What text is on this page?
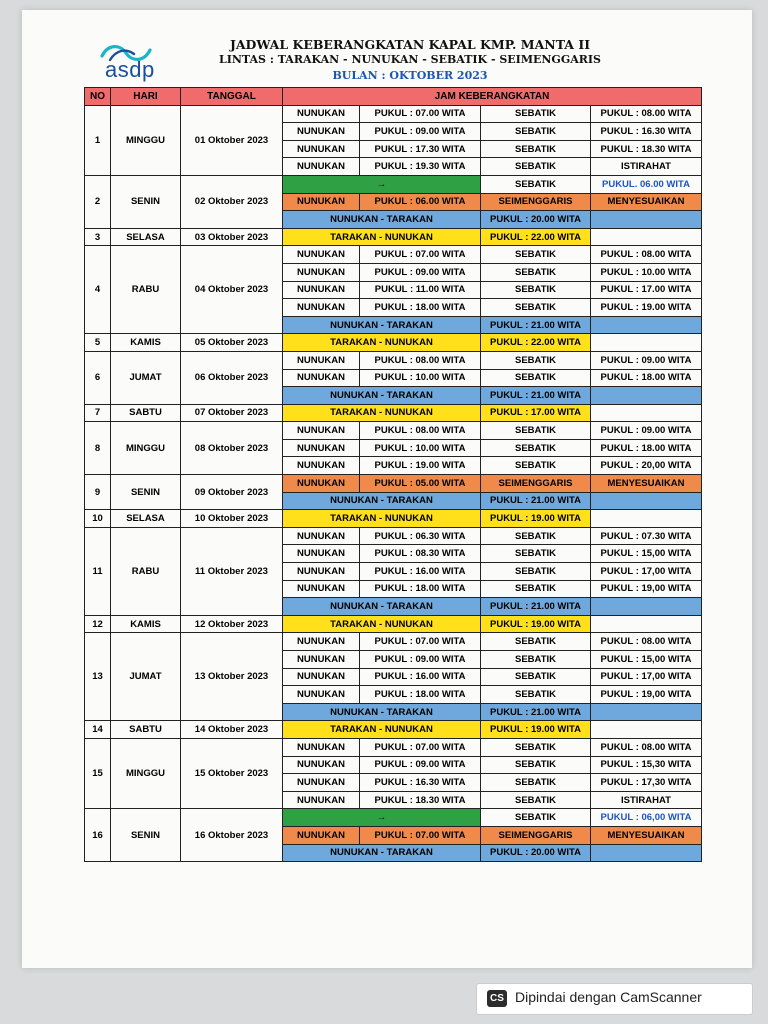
asdp
JADWAL KEBERANGKATAN KAPAL KMP. MANTA II
LINTAS : TARAKAN - NUNUKAN - SEBATIK - SEIMENGGARIS
BULAN : OKTOBER 2023
NO	HARI	TANGGAL	JAM KEBERANGKATAN			
1	MINGGU	01 Oktober 2023	NUNUKAN	PUKUL : 07.00 WITA	SEBATIK	PUKUL : 08.00 WITA
			NUNUKAN	PUKUL : 09.00 WITA	SEBATIK	PUKUL : 16.30 WITA
			NUNUKAN	PUKUL : 17.30 WITA	SEBATIK	PUKUL : 18.30 WITA
			NUNUKAN	PUKUL : 19.30 WITA	SEBATIK	ISTIRAHAT
2	SENIN	02 Oktober 2023	→		SEBATIK	PUKUL. 06.00 WITA
			NUNUKAN	PUKUL : 06.00 WITA	SEIMENGGARIS	MENYESUAIKAN
			NUNUKAN - TARAKAN		PUKUL : 20.00 WITA	
3	SELASA	03 Oktober 2023	TARAKAN - NUNUKAN		PUKUL : 22.00 WITA	
4	RABU	04 Oktober 2023	NUNUKAN	PUKUL : 07.00 WITA	SEBATIK	PUKUL : 08.00 WITA
			NUNUKAN	PUKUL : 09.00 WITA	SEBATIK	PUKUL : 10.00 WITA
			NUNUKAN	PUKUL : 11.00 WITA	SEBATIK	PUKUL : 17.00 WITA
			NUNUKAN	PUKUL : 18.00 WITA	SEBATIK	PUKUL : 19.00 WITA
			NUNUKAN - TARAKAN		PUKUL : 21.00 WITA	
5	KAMIS	05 Oktober 2023	TARAKAN - NUNUKAN		PUKUL : 22.00 WITA	
6	JUMAT	06 Oktober 2023	NUNUKAN	PUKUL : 08.00 WITA	SEBATIK	PUKUL : 09.00 WITA
			NUNUKAN	PUKUL : 10.00 WITA	SEBATIK	PUKUL : 18.00 WITA
			NUNUKAN - TARAKAN		PUKUL : 21.00 WITA	
7	SABTU	07 Oktober 2023	TARAKAN - NUNUKAN		PUKUL : 17.00 WITA	
8	MINGGU	08 Oktober 2023	NUNUKAN	PUKUL : 08.00 WITA	SEBATIK	PUKUL : 09.00 WITA
			NUNUKAN	PUKUL : 10.00 WITA	SEBATIK	PUKUL : 18.00 WITA
			NUNUKAN	PUKUL : 19.00 WITA	SEBATIK	PUKUL : 20,00 WITA
9	SENIN	09 Oktober 2023	NUNUKAN	PUKUL : 05.00 WITA	SEIMENGGARIS	MENYESUAIKAN
			NUNUKAN - TARAKAN		PUKUL : 21.00 WITA	
10	SELASA	10 Oktober 2023	TARAKAN - NUNUKAN		PUKUL : 19.00 WITA	
11	RABU	11 Oktober 2023	NUNUKAN	PUKUL : 06.30 WITA	SEBATIK	PUKUL : 07.30 WITA
			NUNUKAN	PUKUL : 08.30 WITA	SEBATIK	PUKUL : 15,00 WITA
			NUNUKAN	PUKUL : 16.00 WITA	SEBATIK	PUKUL : 17,00 WITA
			NUNUKAN	PUKUL : 18.00 WITA	SEBATIK	PUKUL : 19,00 WITA
			NUNUKAN - TARAKAN		PUKUL : 21.00 WITA	
12	KAMIS	12 Oktober 2023	TARAKAN - NUNUKAN		PUKUL : 19.00 WITA	
13	JUMAT	13 Oktober 2023	NUNUKAN	PUKUL : 07.00 WITA	SEBATIK	PUKUL : 08.00 WITA
			NUNUKAN	PUKUL : 09.00 WITA	SEBATIK	PUKUL : 15,00 WITA
			NUNUKAN	PUKUL : 16.00 WITA	SEBATIK	PUKUL : 17,00 WITA
			NUNUKAN	PUKUL : 18.00 WITA	SEBATIK	PUKUL : 19,00 WITA
			NUNUKAN - TARAKAN		PUKUL : 21.00 WITA	
14	SABTU	14 Oktober 2023	TARAKAN - NUNUKAN		PUKUL : 19.00 WITA	
15	MINGGU	15 Oktober 2023	NUNUKAN	PUKUL : 07.00 WITA	SEBATIK	PUKUL : 08.00 WITA
			NUNUKAN	PUKUL : 09.00 WITA	SEBATIK	PUKUL : 15,30 WITA
			NUNUKAN	PUKUL : 16.30 WITA	SEBATIK	PUKUL : 17,30 WITA
			NUNUKAN	PUKUL : 18.30 WITA	SEBATIK	ISTIRAHAT
16	SENIN	16 Oktober 2023	→		SEBATIK	PUKUL : 06,00 WITA
			NUNUKAN	PUKUL : 07.00 WITA	SEIMENGGARIS	MENYESUAIKAN
			NUNUKAN - TARAKAN		PUKUL : 20.00 WITA	
CS Dipindai dengan CamScanner
